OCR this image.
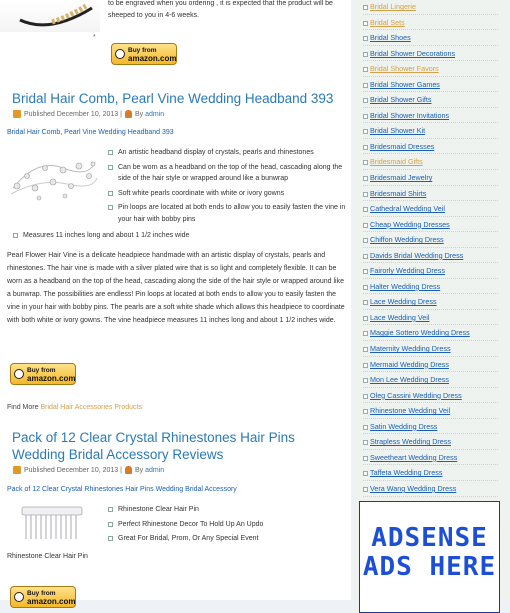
to be engraved when you ordering , it is expected that the product will be
sheeped to you in 4-6 weeks.
*
Buy from
amazon.com
Bridal Hair Comb, Pearl Vine Wedding Headband 393
Published December 10, 2013 | By admin
Bridal Hair Comb, Pearl Vine Wedding Headband 393
An artistic headband display of crystals, pearls and rhinestones
Can be worn as a headband on the top of the head, cascading along the side of the hair style or wrapped around like a bunwrap
Soft white pearls coordinate with white or ivory gowns
Pin loops are located at both ends to allow you to easily fasten the vine in your hair with bobby pins
Measures 11 inches long and about 1 1/2 inches wide
Pearl Flower Hair Vine is a delicate headpiece handmade with an artistic display of crystals, pearls and rhinestones. The hair vine is made with a silver plated wire that is so light and completely flexible. It can be worn as a headband on the top of the head, cascading along the side of the hair style or wrapped around like a bunwrap. The possibilities are endless! Pin loops at located at both ends to allow you to easily fasten the vine in your hair with bobby pins. The pearls are a soft white shade which allows this headpiece to coordinate with both white or ivory gowns. The vine headpiece measures 11 inches long and about 1 1/2 inches wide.
Buy from
amazon.com
Find More Bridal Hair Accessories Products
Pack of 12 Clear Crystal Rhinestones Hair Pins Wedding Bridal Accessory Reviews
Published December 10, 2013 | By admin
Pack of 12 Clear Crystal Rhinestones Hair Pins Wedding Bridal Accessory
Rhinestone Clear Hair Pin
Perfect Rhinestone Decor To Hold Up An Updo
Great For Bridal, Prom, Or Any Special Event
Rhinestone Clear Hair Pin
Buy from
amazon.com
Bridal Lingerie
Bridal Sets
Bridal Shoes
Bridal Shower Decorations
Bridal Shower Favors
Bridal Shower Games
Bridal Shower Gifts
Bridal Shower Invitations
Bridal Shower Kit
Bridesmaid Dresses
Bridesmaid Gifts
Bridesmaid Jewelry
Bridesmaid Shirts
Cathedral Wedding Veil
Cheap Wedding Dresses
Chiffon Wedding Dress
Davids Bridal Wedding Dress
Fairorly Wedding Dress
Halter Wedding Dress
Lace Wedding Dress
Lace Wedding Veil
Maggie Sottero Wedding Dress
Maternity Wedding Dress
Mermaid Wedding Dress
Mon Lee Wedding Dress
Oleg Cassini Wedding Dress
Rhinestone Wedding Veil
Satin Wedding Dress
Strapless Wedding Dress
Sweetheart Wedding Dress
Taffeta Wedding Dress
Vera Wang Wedding Dress
ADSENSE ADS HERE
